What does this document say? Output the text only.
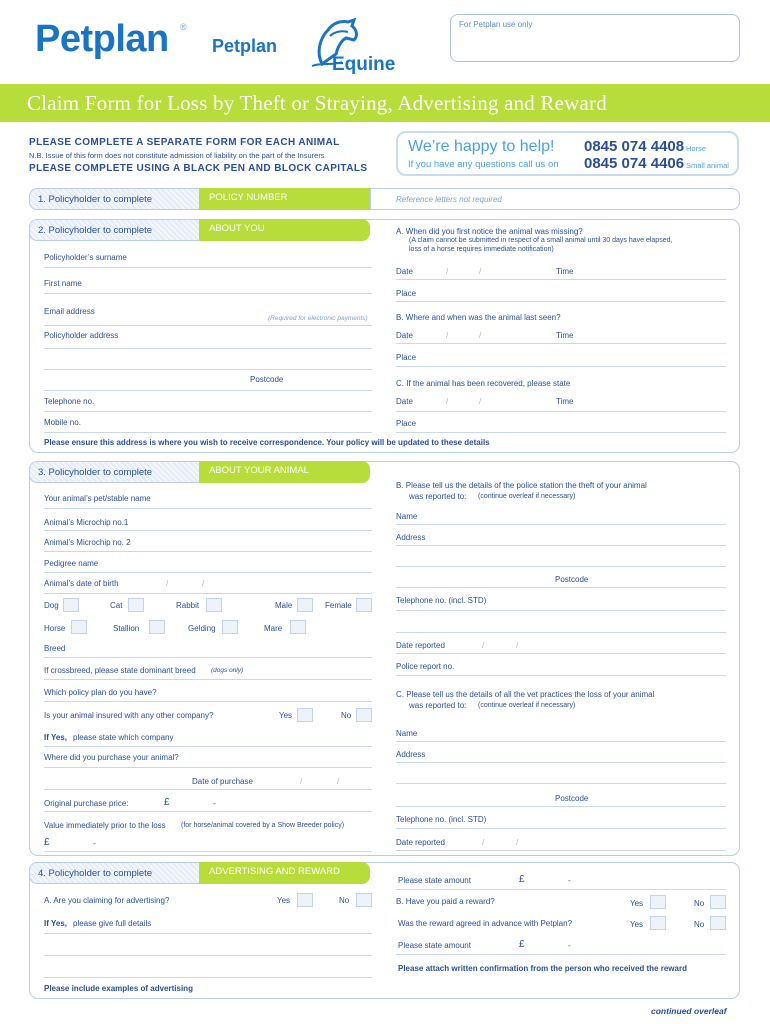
Petplan ®
Petplan
Equine
For Petplan use only
Claim Form for Loss by Theft or Straying, Advertising and Reward
PLEASE COMPLETE A SEPARATE FORM FOR EACH ANIMAL
N.B. Issue of this form does not constitute admission of liability on the part of the Insurers
PLEASE COMPLETE USING A BLACK PEN AND BLOCK CAPITALS
We’re happy to help! 0845 074 4408 Horse
If you have any questions call us on 0845 074 4406 Small animal
1. Policyholder to complete	POLICY NUMBER	Reference letters not required
2. Policyholder to complete	ABOUT YOU
Policyholder’s surname
First name
Email address
(Required for electronic payments)
Policyholder address
Postcode
Telephone no.
Mobile no.
A. When did you first notice the animal was missing?
(A claim cannot be submitted in respect of a small animal until 30 days have elapsed,
loss of a horse requires immediate notification)
Date	/	/	Time
Place
B. Where and when was the animal last seen?
Date	/	/	Time
Place
C. If the animal has been recovered, please state
Date	/	/	Time
Place
Please ensure this address is where you wish to receive correspondence. Your policy will be updated to these details
3. Policyholder to complete	ABOUT YOUR ANIMAL
Your animal’s pet/stable name
Animal’s Microchip no.1
Animal’s Microchip no. 2
Pedigree name
Animal’s date of birth	/	/
Dog	Cat	Rabbit	Male	Female
Horse	Stallion	Gelding	Mare
Breed
If crossbreed, please state dominant breed (dogs only)
Which policy plan do you have?
Is your animal insured with any other company?	Yes	No
If Yes, please state which company
Where did you purchase your animal?
Date of purchase	/	/
Original purchase price:	£	-
Value immediately prior to the loss (for horse/animal covered by a Show Breeder policy)
£	-
B. Please tell us the details of the police station the theft of your animal
was reported to: (continue overleaf if necessary)
Name
Address
Postcode
Telephone no. (incl. STD)
Date reported	/	/
Police report no.
C. Please tell us the details of all the vet practices the loss of your animal
was reported to: (continue overleaf if necessary)
Name
Address
Postcode
Telephone no. (incl. STD)
Date reported	/	/
4. Policyholder to complete	ADVERTISING AND REWARD
A. Are you claiming for advertising?	Yes	No
If Yes, please give full details
Please include examples of advertising
Please state amount	£	-
B. Have you paid a reward?	Yes	No
Was the reward agreed in advance with Petplan?	Yes	No
Please state amount	£	-
Please attach written confirmation from the person who received the reward
continued overleaf
